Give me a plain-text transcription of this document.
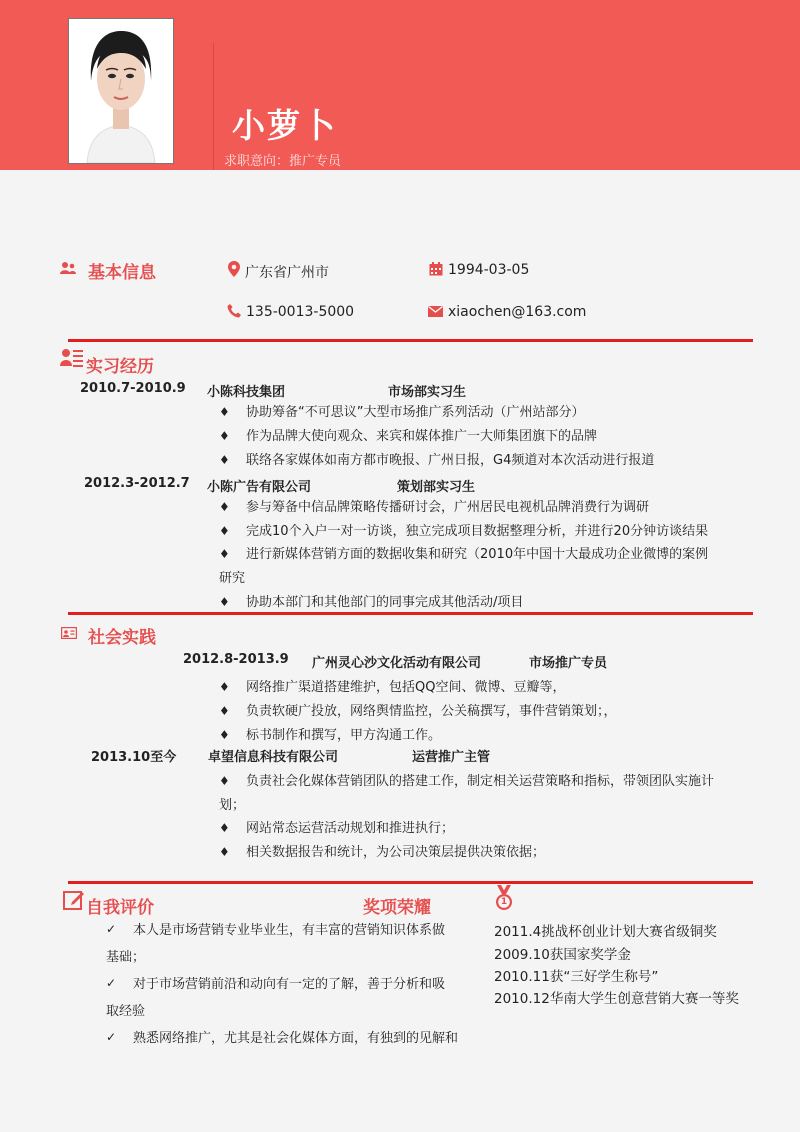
小萝卜
求职意向：推广专员
基本信息	广东省广州市	1994-03-05
135-0013-5000	xiaochen@163.com
实习经历
2010.7-2010.9 小陈科技集团	市场部实习生
♦ 协助筹备“不可思议”大型市场推广系列活动（广州站部分）
♦ 作为品牌大使向观众、来宾和媒体推广一大师集团旗下的品牌
♦ 联络各家媒体如南方都市晚报、广州日报，G4频道对本次活动进行报道
2012.3-2012.7 小陈广告有限公司	策划部实习生
♦ 参与筹备中信品牌策略传播研讨会，广州居民电视机品牌消费行为调研
♦ 完成10个入户一对一访谈，独立完成项目数据整理分析，并进行20分钟访谈结果
♦ 进行新媒体营销方面的数据收集和研究（2010年中国十大最成功企业微博的案例
研究
♦ 协助本部门和其他部门的同事完成其他活动/项目
社会实践
2012.8-2013.9 广州灵心沙文化活动有限公司	市场推广专员
♦ 网络推广渠道搭建维护，包括QQ空间、微博、豆瓣等，
♦ 负责软硬广投放，网络舆情监控，公关稿撰写，事件营销策划；，
♦ 标书制作和撰写，甲方沟通工作。
2013.10至今 卓望信息科技有限公司	运营推广主管
♦ 负责社会化媒体营销团队的搭建工作，制定相关运营策略和指标，带领团队实施计
划；
♦ 网站常态运营活动规划和推进执行；
♦ 相关数据报告和统计，为公司决策层提供决策依据；
自我评价
✓ 本人是市场营销专业毕业生，有丰富的营销知识体系做
基础；
✓ 对于市场营销前沿和动向有一定的了解，善于分析和吸
取经验
✓ 熟悉网络推广，尤其是社会化媒体方面，有独到的见解和
奖项荣耀	1
2011.4挑战杯创业计划大赛省级铜奖
2009.10获国家奖学金
2010.11获“三好学生称号”
2010.12华南大学生创意营销大赛一等奖
